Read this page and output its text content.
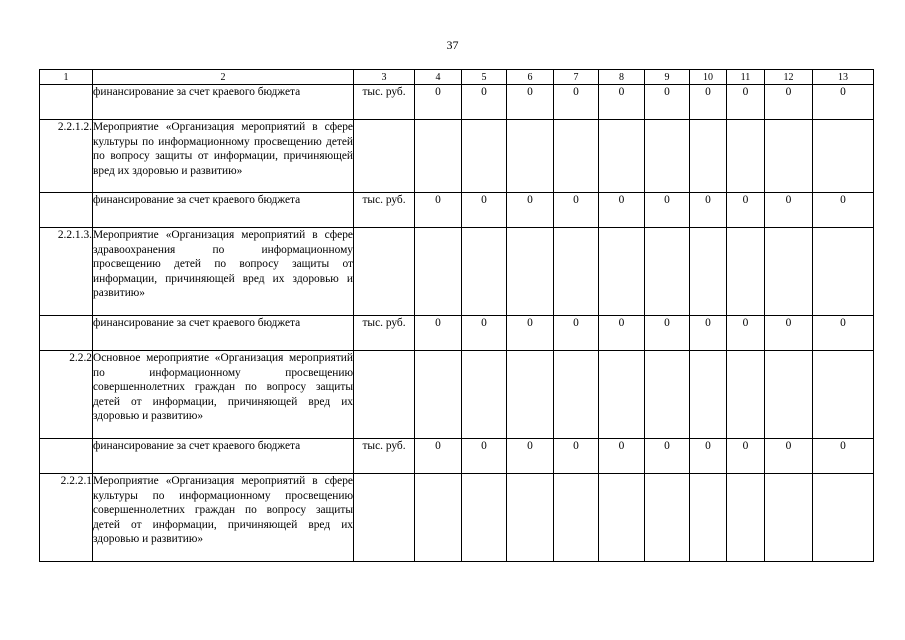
37
1	2	3	4	5	6	7	8	9	10	11	12	13
	финансирование за счет краевого бюджета	тыс. руб.	0	0	0	0	0	0	0	0	0	0
2.2.1.2.	Мероприятие «Организация мероприятий в сфере культуры по информационному просвещению детей по вопросу защиты от информации, причиняющей вред их здоровью и развитию»											
	финансирование за счет краевого бюджета	тыс. руб.	0	0	0	0	0	0	0	0	0	0
2.2.1.3.	Мероприятие «Организация мероприятий в сфере здравоохранения по информационному просвещению детей по вопросу защиты от информации, причиняющей вред их здоровью и развитию»											
	финансирование за счет краевого бюджета	тыс. руб.	0	0	0	0	0	0	0	0	0	0
2.2.2	Основное мероприятие «Организация мероприятий по информационному просвещению совершеннолетних граждан по вопросу защиты детей от информации, причиняющей вред их здоровью и развитию»											
	финансирование за счет краевого бюджета	тыс. руб.	0	0	0	0	0	0	0	0	0	0
2.2.2.1	Мероприятие «Организация мероприятий в сфере культуры по информационному просвещению совершеннолетних граждан по вопросу защиты детей от информации, причиняющей вред их здоровью и развитию»											
